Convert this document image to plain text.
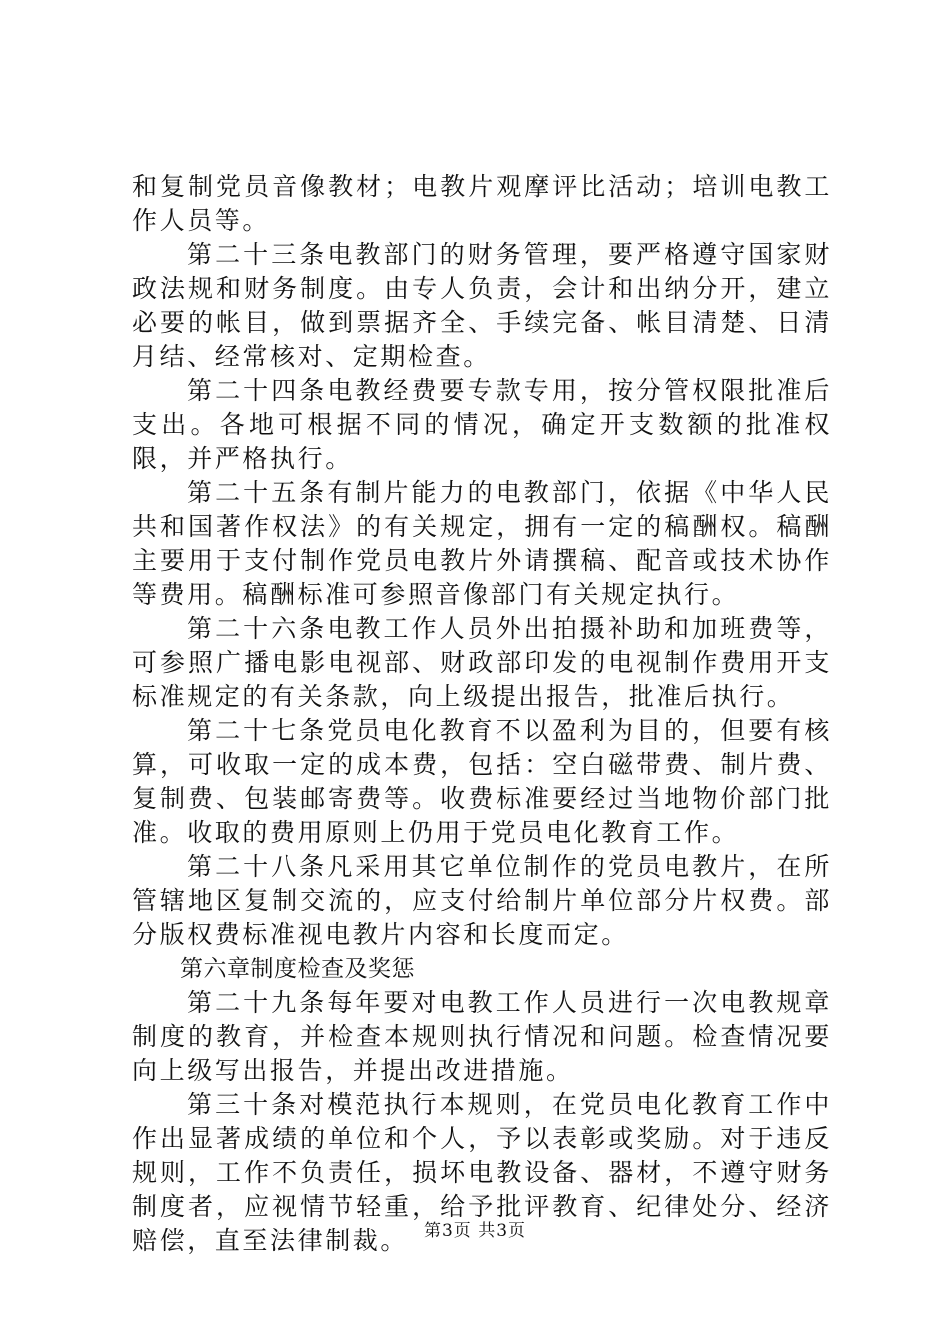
和复制党员音像教材；电教片观摩评比活动；培训电教工作人员等。

第二十三条电教部门的财务管理，要严格遵守国家财政法规和财务制度。由专人负责，会计和出纳分开，建立必要的帐目，做到票据齐全、手续完备、帐目清楚、日清月结、经常核对、定期检查。

第二十四条电教经费要专款专用，按分管权限批准后支出。各地可根据不同的情况，确定开支数额的批准权限，并严格执行。

第二十五条有制片能力的电教部门，依据《中华人民共和国著作权法》的有关规定，拥有一定的稿酬权。稿酬主要用于支付制作党员电教片外请撰稿、配音或技术协作等费用。稿酬标准可参照音像部门有关规定执行。

第二十六条电教工作人员外出拍摄补助和加班费等，可参照广播电影电视部、财政部印发的电视制作费用开支标准规定的有关条款，向上级提出报告，批准后执行。

第二十七条党员电化教育不以盈利为目的，但要有核算，可收取一定的成本费，包括：空白磁带费、制片费、复制费、包装邮寄费等。收费标准要经过当地物价部门批准。收取的费用原则上仍用于党员电化教育工作。

第二十八条凡采用其它单位制作的党员电教片，在所管辖地区复制交流的，应支付给制片单位部分片权费。部分版权费标准视电教片内容和长度而定。

第六章制度检查及奖惩

第二十九条每年要对电教工作人员进行一次电教规章制度的教育，并检查本规则执行情况和问题。检查情况要向上级写出报告，并提出改进措施。

第三十条对模范执行本规则，在党员电化教育工作中作出显著成绩的单位和个人，予以表彰或奖励。对于违反规则，工作不负责任，损坏电教设备、器材，不遵守财务制度者，应视情节轻重，给予批评教育、纪律处分、经济赔偿，直至法律制裁。 第3页 共3页
